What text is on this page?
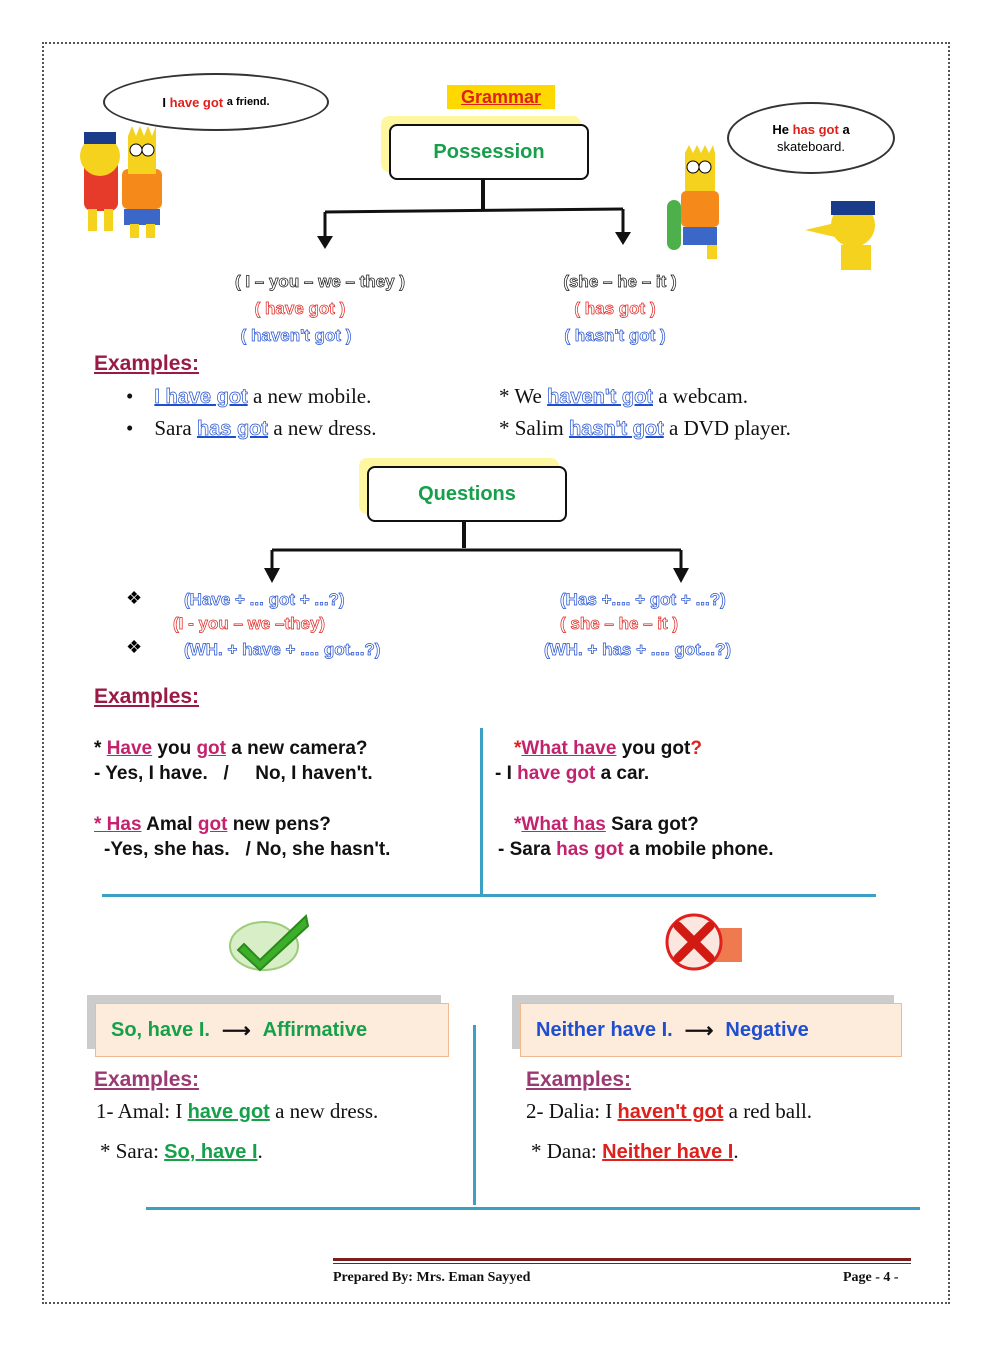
I
have got
a friend.
He has got a
skateboard.
Grammar
Possession
( I – you – we – they )
( have got )
( haven't got )
(she – he – it )
( has got )
( hasn't got )
Examples:
• I have got a new mobile.
• Sara has got a new dress.
* We haven't got a webcam.
* Salim hasn't got a DVD player.
Questions
❖ (Have + ... got + ...?)
(I - you – we –they)
❖ (WH. + have + .... got...?)
(Has +.... + got + ...?)
( she – he – it )
(WH. + has + .... got...?)
Examples:
* Have you got a new camera?
- Yes, I have.   /     No, I haven't.
* Has Amal got new pens?
-Yes, she has.   / No, she hasn't.
*What have you got?
- I have got a car.
*What has Sara got?
- Sara has got a mobile phone.
So, have I. ⟶ Affirmative	Neither have I. ⟶ Negative
Examples:	Examples:
1- Amal: I have got a new dress.
* Sara: So, have I.
2- Dalia: I haven't got a red ball.
* Dana: Neither have I.
Prepared By: Mrs. Eman Sayyed	Page - 4 -
